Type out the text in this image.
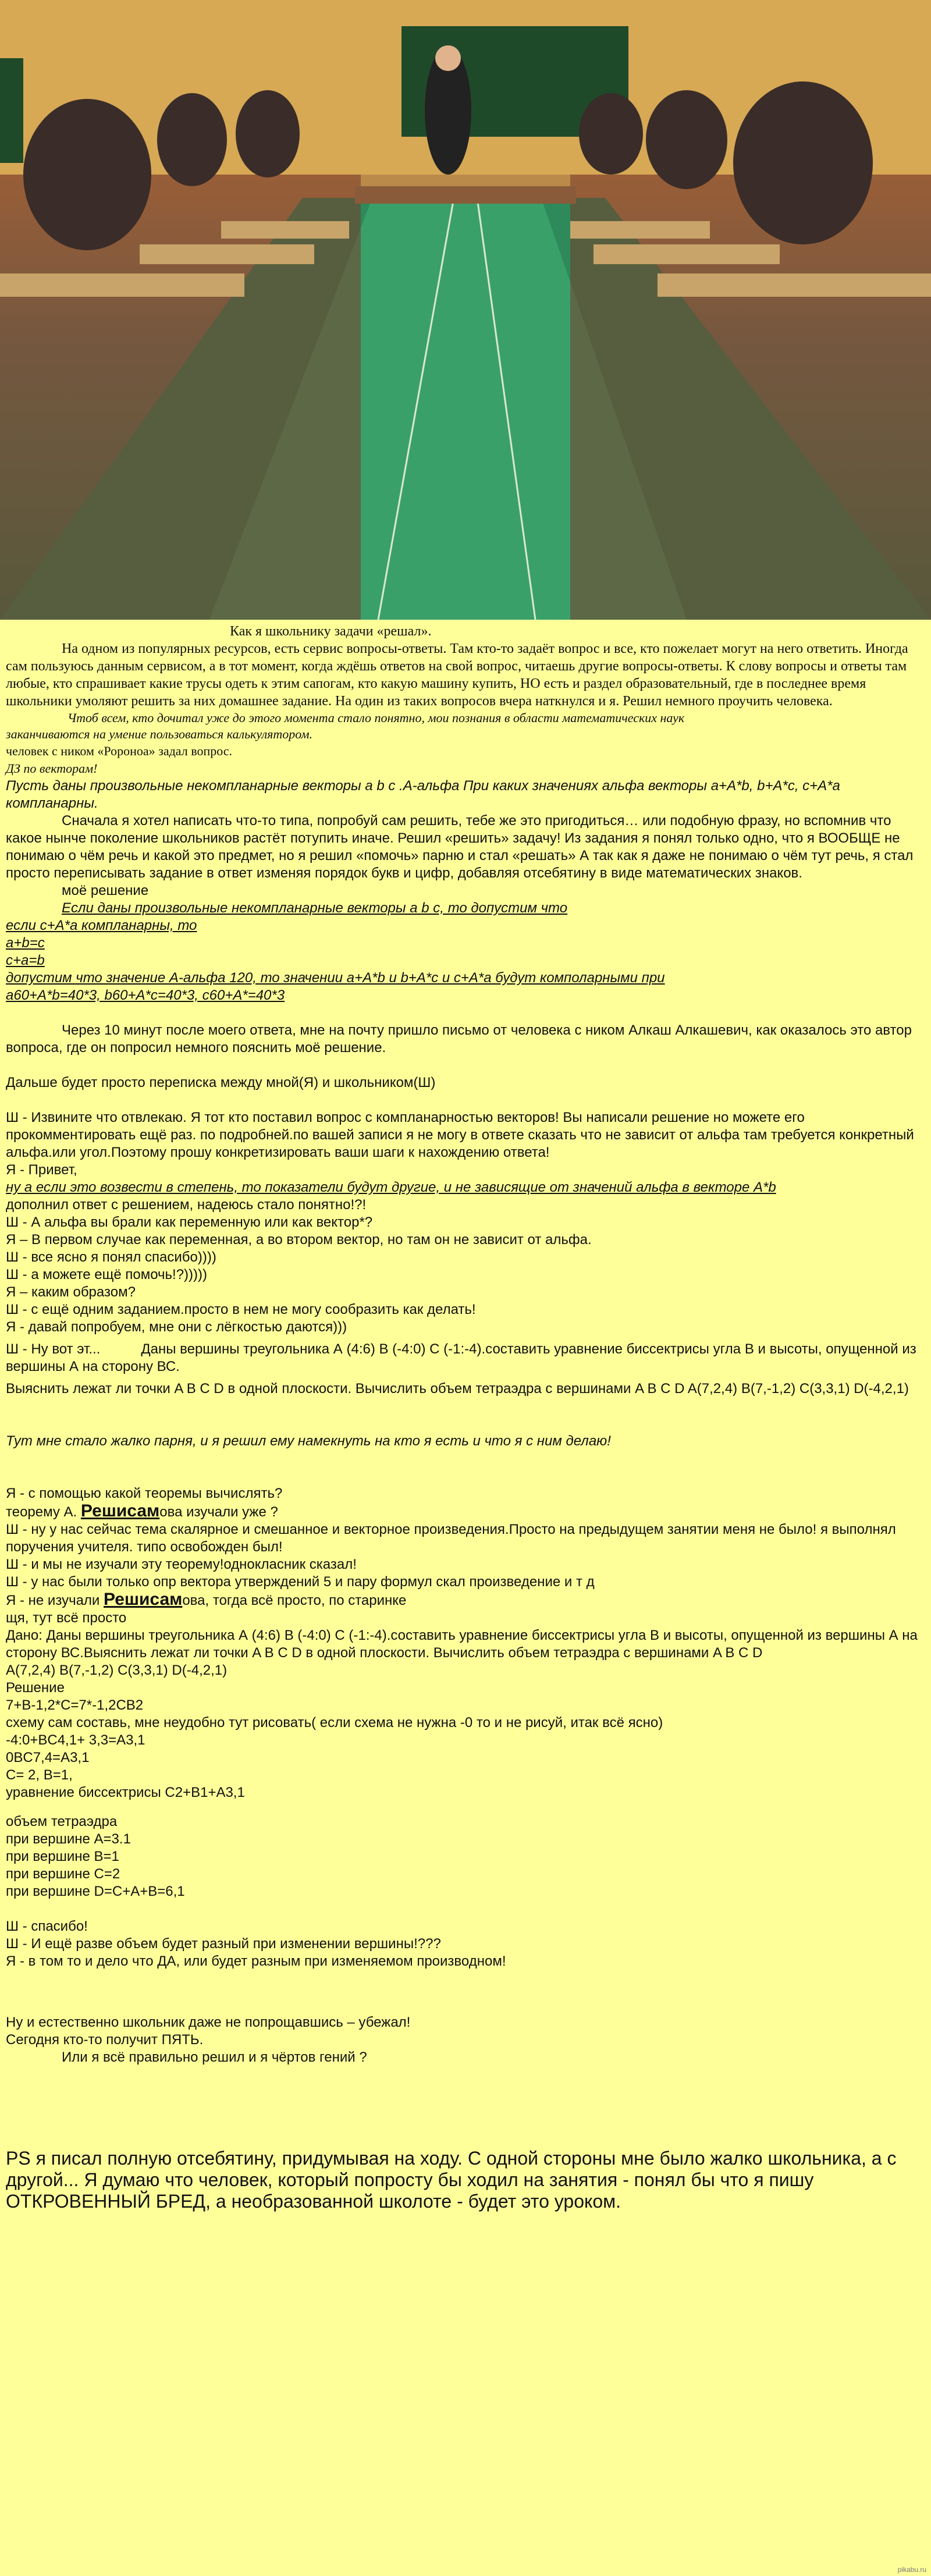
Как я школьнику задачи «решал».

На одном из популярных ресурсов, есть сервис вопросы-ответы. Там кто-то задаёт вопрос и все, кто пожелает могут на него ответить. Иногда сам пользуюсь данным сервисом, а в тот момент, когда ждёшь ответов на свой вопрос, читаешь другие вопросы-ответы. К слову вопросы и ответы там любые, кто спрашивает какие трусы одеть к этим сапогам, кто какую машину купить, НО есть и раздел образовательный, где в последнее время школьники умоляют решить за них домашнее задание. На один из таких вопросов вчера наткнулся и я. Решил немного проучить человека.

Чтоб всем, кто дочитал уже до этого момента стало понятно, мои познания в области математических наук

заканчиваются на умение пользоваться калькулятором.

человек с ником «Роронoa» задал вопрос.

ДЗ по векторам!

Пусть даны произвольные некомпланарные векторы a b c .А-альфа При каких значениях альфа векторы a+A*b, b+A*c, c+A*a компланарны.

Сначала я хотел написать что-то типа, попробуй сам решить, тебе же это пригодиться… или подобную фразу, но вспомнив что какое нынче поколение школьников растёт потупить иначе. Решил «решить» задачу! Из задания я понял только одно, что я ВООБЩЕ не понимаю о чём речь и какой это предмет, но я решил «помочь» парню и стал «решать» А так как я даже не понимаю о чём тут речь, я стал просто переписывать задание в ответ изменяя порядок букв и цифр, добавляя отсебятину в виде математических знаков.

моё решение

Если даны произвольные некомпланарные векторы a b c, то допустим что

если c+A*a компланарны, то

a+b=c

c+a=b

допустим что значение А-альфа 120, то значении a+A*b и b+A*c и c+A*a будут комполарными при

a60+A*b=40*3, b60+A*c=40*3, c60+A*=40*3

Через 10 минут после моего ответа, мне на почту пришло письмо от человека с ником Алкаш Алкашевич, как оказалось это автор вопроса, где он попросил немного пояснить моё решение.

Дальше будет просто переписка между мной(Я) и школьником(Ш)

Ш - Извините что отвлекаю. Я тот кто поставил вопрос с компланарностью векторов! Вы написали решение но можете его прокомментировать ещё раз. по подробней.по вашей записи я не могу в ответе сказать что не зависит от альфа там требуется конкретный альфа.или угол.Поэтому прошу конкретизировать ваши шаги к нахождению ответа!

Я - Привет,

ну а если это возвести в степень, то показатели будут другие, и не зависящие от значений альфа в векторе A*b

дополнил ответ с решением, надеюсь стало понятно!?!

Ш - А альфа вы брали как переменную или как вектор*?

Я – В первом случае как переменная, а во втором вектор, но там он не зависит от альфа.

Ш - все ясно я понял спасибо))))

Ш - а можете ещё помочь!?)))))

Я – каким образом?

Ш - с ещё одним заданием.просто в нем не могу сообразить как делать!

Я - давай попробуем, мне они с лёгкостью даются)))

Ш - Ну вот эт...	Даны вершины треугольника А (4:6) В (-4:0) С (-1:-4).составить уравнение биссектрисы угла В и высоты, опущенной из вершины А на сторону ВС.

Выяснить лежат ли точки A B C D в одной плоскости. Вычислить объем тетраэдра с вершинами A B C D A(7,2,4) B(7,-1,2) C(3,3,1) D(-4,2,1)

Тут мне стало жалко парня, и я решил ему намекнуть на кто я есть и что я с ним делаю!

Я - с помощью какой теоремы вычислять?

теорему А. Решисамова изучали уже ?

Ш - ну у нас сейчас тема скалярное и смешанное и векторное произведения.Просто на предыдущем занятии меня не было! я выполнял поручения учителя. типо освобожден был!

Ш - и мы не изучали эту теорему!однокласник сказал!

Ш - у нас были только опр вектора утверждений 5 и пару формул скал произведение и т д

Я - не изучали Решисамова, тогда всё просто, по старинке

щя, тут всё просто

Дано: Даны вершины треугольника А (4:6) В (-4:0) С (-1:-4).составить уравнение биссектрисы угла В и высоты, опущенной из вершины А на сторону ВС.Выяснить лежат ли точки A B C D в одной плоскости. Вычислить объем тетраэдра с вершинами A B C D

A(7,2,4) B(7,-1,2) C(3,3,1) D(-4,2,1)

Решение

7+B-1,2*C=7*-1,2CB2

схему сам составь, мне неудобно тут рисовать( если схема не нужна -0 то и не рисуй, итак всё ясно)

-4:0+BC4,1+ 3,3=A3,1

0BC7,4=A3,1

C= 2, B=1,

уравнение биссектрисы C2+B1+A3,1

объем тетраэдра

при вершине A=3.1

при вершине B=1

при вершине C=2

при вершине D=C+A+B=6,1

Ш - спасибо!

Ш - И ещё разве объем будет разный при изменении вершины!???

Я - в том то и дело что ДА, или будет разным при изменяемом производном!

Ну и естественно школьник даже не попрощавшись – убежал!

Сегодня кто-то получит ПЯТЬ.

Или я всё правильно решил и я чёртов гений ?

PS я писал полную отсебятину, придумывая на ходу. С одной стороны мне было жалко школьника, а с другой... Я думаю что человек, который попросту бы ходил на занятия - понял бы что я пишу ОТКРОВЕННЫЙ БРЕД, а необразованной школоте - будет это уроком.

pikabu.ru
